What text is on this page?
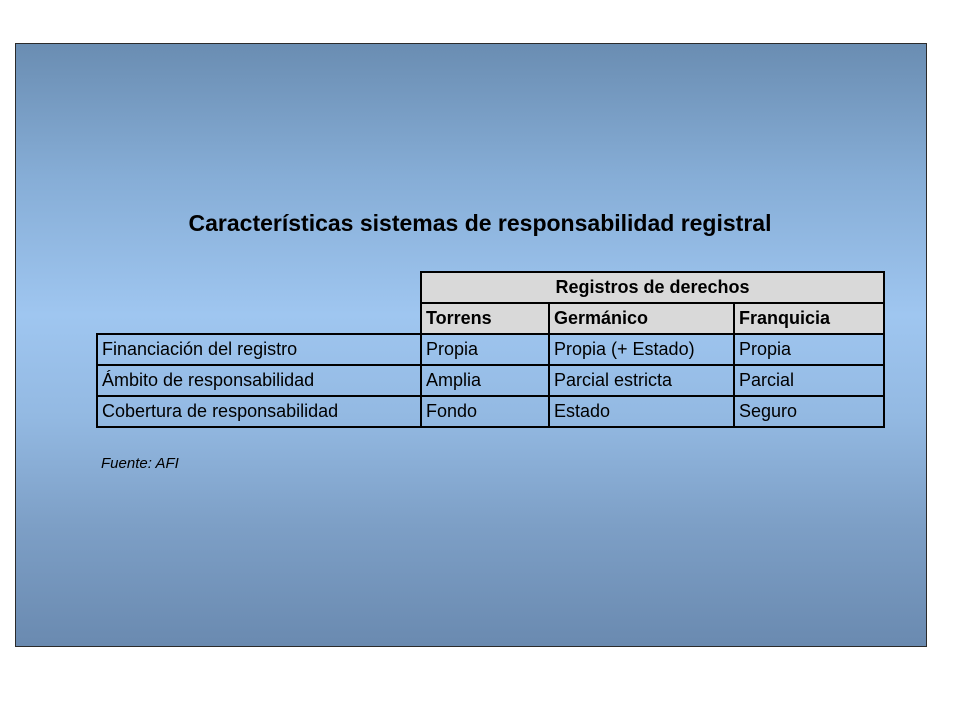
Características sistemas de responsabilidad registral
	Registros de derechos		
	Torrens	Germánico	Franquicia
Financiación del registro	Propia	Propia (+ Estado)	Propia
Ámbito de responsabilidad	Amplia	Parcial estricta	Parcial
Cobertura de responsabilidad	Fondo	Estado	Seguro
Fuente: AFI
